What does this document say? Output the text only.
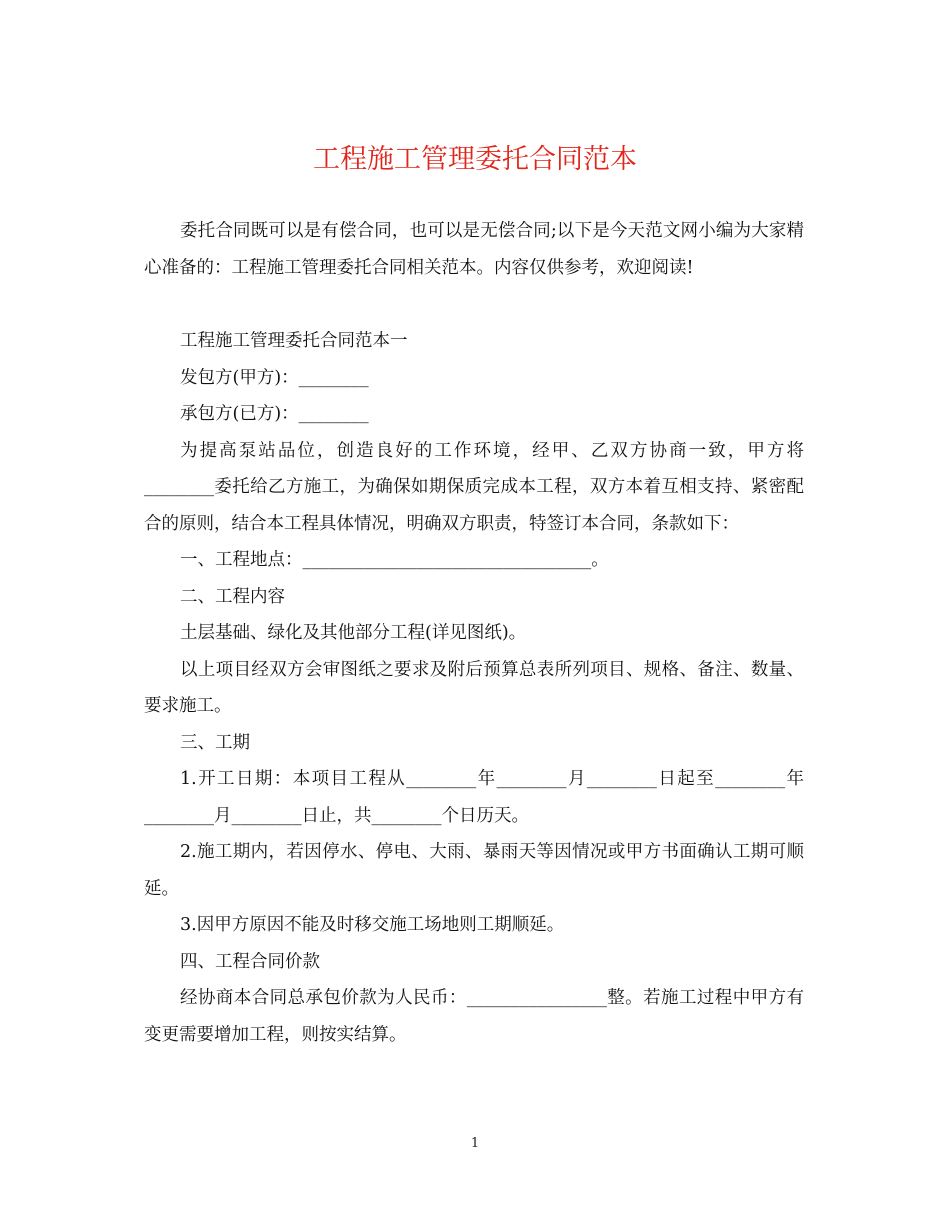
工程施工管理委托合同范本

委托合同既可以是有偿合同，也可以是无偿合同;以下是今天范文网小编为大家精心准备的：工程施工管理委托合同相关范本。内容仅供参考，欢迎阅读!

工程施工管理委托合同范本一

发包方(甲方)：________

承包方(已方)：________

为提高泵站品位，创造良好的工作环境，经甲、乙双方协商一致，甲方将________委托给乙方施工，为确保如期保质完成本工程，双方本着互相支持、紧密配合的原则，结合本工程具体情况，明确双方职责，特签订本合同，条款如下：

一、工程地点：_________________________________。

二、工程内容

土层基础、绿化及其他部分工程(详见图纸)。

以上项目经双方会审图纸之要求及附后预算总表所列项目、规格、备注、数量、要求施工。

三、工期

1.开工日期：本项目工程从________年________月________日起至________年________月________日止，共________个日历天。

2.施工期内，若因停水、停电、大雨、暴雨天等因情况或甲方书面确认工期可顺延。

3.因甲方原因不能及时移交施工场地则工期顺延。

四、工程合同价款

经协商本合同总承包价款为人民币：________________整。若施工过程中甲方有变更需要增加工程，则按实结算。

1
